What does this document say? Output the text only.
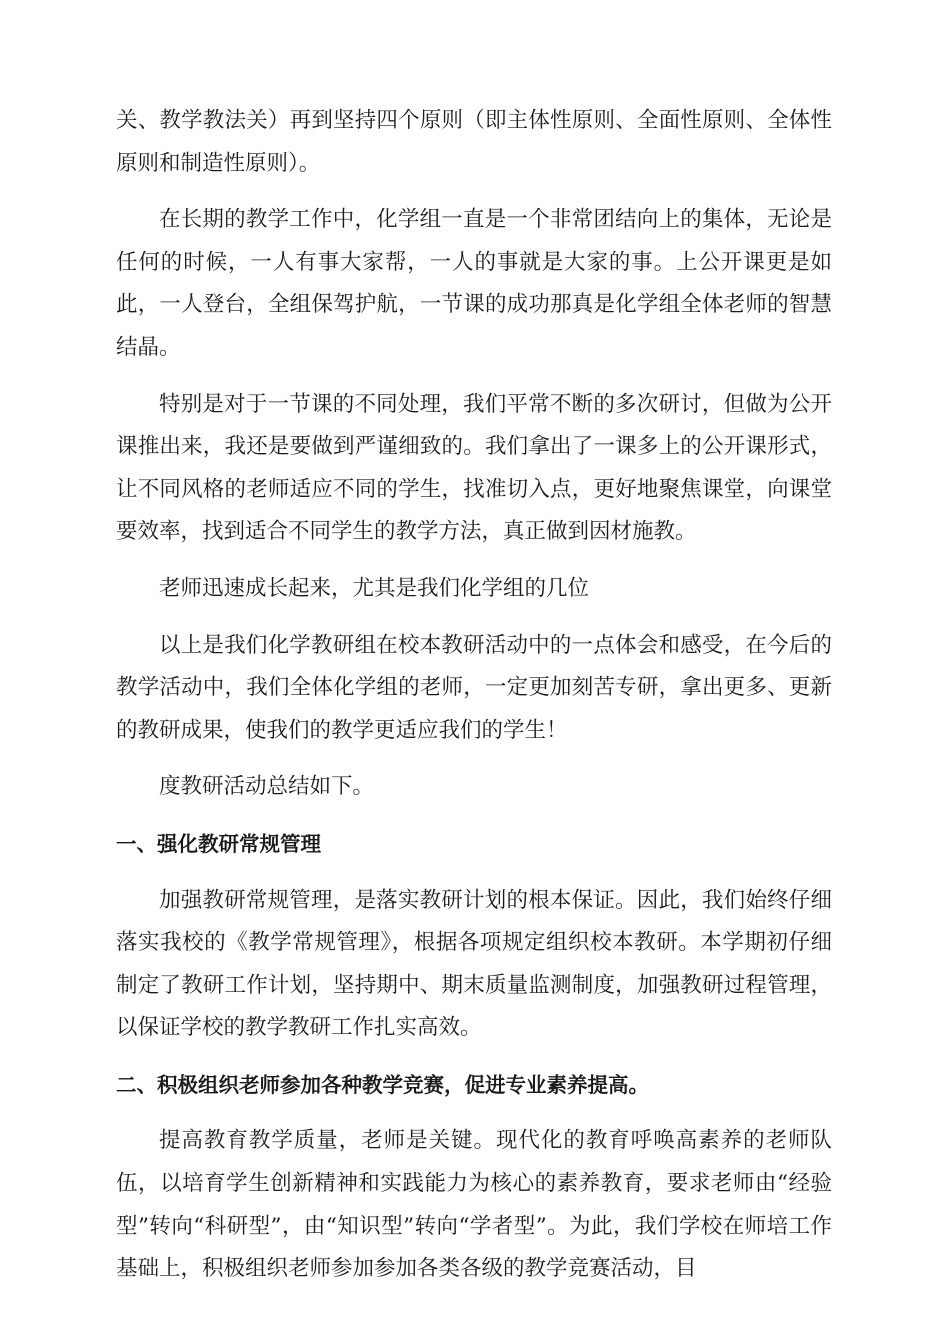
关、教学教法关）再到坚持四个原则（即主体性原则、全面性原则、全体性原则和制造性原则）。

在长期的教学工作中，化学组一直是一个非常团结向上的集体，无论是任何的时候，一人有事大家帮，一人的事就是大家的事。上公开课更是如此，一人登台，全组保驾护航，一节课的成功那真是化学组全体老师的智慧结晶。

特别是对于一节课的不同处理，我们平常不断的多次研讨，但做为公开课推出来，我还是要做到严谨细致的。我们拿出了一课多上的公开课形式，让不同风格的老师适应不同的学生，找准切入点，更好地聚焦课堂，向课堂要效率，找到适合不同学生的教学方法，真正做到因材施教。

老师迅速成长起来，尤其是我们化学组的几位

以上是我们化学教研组在校本教研活动中的一点体会和感受，在今后的教学活动中，我们全体化学组的老师，一定更加刻苦专研，拿出更多、更新的教研成果，使我们的教学更适应我们的学生！

度教研活动总结如下。

一、强化教研常规管理

加强教研常规管理，是落实教研计划的根本保证。因此，我们始终仔细落实我校的《教学常规管理》，根据各项规定组织校本教研。本学期初仔细制定了教研工作计划，坚持期中、期末质量监测制度，加强教研过程管理，以保证学校的教学教研工作扎实高效。

二、积极组织老师参加各种教学竞赛，促进专业素养提高。

提高教育教学质量，老师是关键。现代化的教育呼唤高素养的老师队伍，以培育学生创新精神和实践能力为核心的素养教育，要求老师由“经验型”转向“科研型”，由“知识型”转向“学者型”。为此，我们学校在师培工作基础上，积极组织老师参加参加各类各级的教学竞赛活动，目
